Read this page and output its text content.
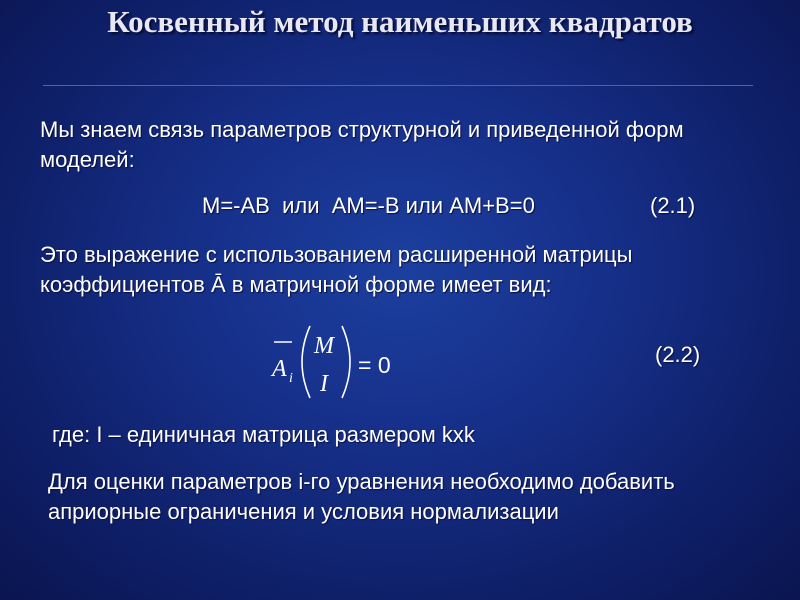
Косвенный метод наименьших квадратов
Мы знаем связь параметров структурной и приведенной форм моделей:
М=-АВ  или  АМ=-В или АМ+В=0	(2.1)
Это выражение с использованием расширенной матрицы коэффициентов Ā в матричной форме имеет вид:
A i
M
I
= 0	(2.2)
где: I – единичная матрица размером kxk
Для оценки параметров i-го уравнения необходимо добавить априорные ограничения и условия нормализации
